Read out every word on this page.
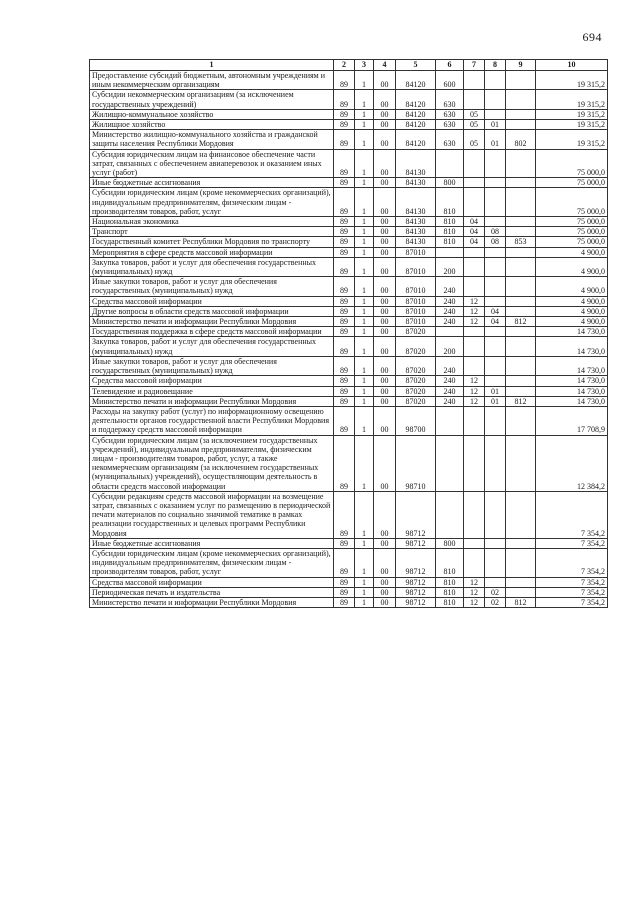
694
1	2	3	4	5	6	7	8	9	10
Предоставление субсидий бюджетным, автономным учреждениям и иным некоммерческим организациям	89	1	00	84120	600				19 315,2
Субсидии некоммерческим организациям (за исключением государственных учреждений)	89	1	00	84120	630				19 315,2
Жилищно-коммунальное хозяйство	89	1	00	84120	630	05			19 315,2
Жилищное хозяйство	89	1	00	84120	630	05	01		19 315,2
Министерство жилищно-коммунального хозяйства и гражданской защиты населения Республики Мордовия	89	1	00	84120	630	05	01	802	19 315,2
Субсидия юридическим лицам на финансовое обеспечение части затрат, связанных с обеспечением авиаперевозок и оказанием иных услуг (работ)	89	1	00	84130					75 000,0
Иные бюджетные ассигнования	89	1	00	84130	800				75 000,0
Субсидии юридическим лицам (кроме некоммерческих организаций), индивидуальным предпринимателям, физическим лицам - производителям товаров, работ, услуг	89	1	00	84130	810				75 000,0
Национальная экономика	89	1	00	84130	810	04			75 000,0
Транспорт	89	1	00	84130	810	04	08		75 000,0
Государственный комитет Республики Мордовия по транспорту	89	1	00	84130	810	04	08	853	75 000,0
Мероприятия в сфере средств массовой информации	89	1	00	87010					4 900,0
Закупка товаров, работ и услуг для обеспечения государственных (муниципальных) нужд	89	1	00	87010	200				4 900,0
Иные закупки товаров, работ и услуг для обеспечения государственных (муниципальных) нужд	89	1	00	87010	240				4 900,0
Средства массовой информации	89	1	00	87010	240	12			4 900,0
Другие вопросы в области средств массовой информации	89	1	00	87010	240	12	04		4 900,0
Министерство печати и информации Республики Мордовия	89	1	00	87010	240	12	04	812	4 900,0
Государственная поддержка в сфере средств массовой информации	89	1	00	87020					14 730,0
Закупка товаров, работ и услуг для обеспечения государственных (муниципальных) нужд	89	1	00	87020	200				14 730,0
Иные закупки товаров, работ и услуг для обеспечения государственных (муниципальных) нужд	89	1	00	87020	240				14 730,0
Средства массовой информации	89	1	00	87020	240	12			14 730,0
Телевидение и радиовещание	89	1	00	87020	240	12	01		14 730,0
Министерство печати и информации Республики Мордовия	89	1	00	87020	240	12	01	812	14 730,0
Расходы на закупку работ (услуг) по информационному освещению деятельности органов государственной власти Республики Мордовия и поддержку средств массовой информации	89	1	00	98700					17 708,9
Субсидии юридическим лицам (за исключением государственных учреждений), индивидуальным предпринимателям, физическим лицам - производителям товаров, работ, услуг, а также некоммерческим организациям (за исключением государственных (муниципальных) учреждений), осуществляющим деятельность в области средств массовой информации	89	1	00	98710					12 384,2
Субсидии редакциям средств массовой информации на возмещение затрат, связанных с оказанием услуг по размещению в периодической печати материалов по социально значимой тематике в рамках реализации государственных и целевых программ Республики Мордовия	89	1	00	98712					7 354,2
Иные бюджетные ассигнования	89	1	00	98712	800				7 354,2
Субсидии юридическим лицам (кроме некоммерческих организаций), индивидуальным предпринимателям, физическим лицам - производителям товаров, работ, услуг	89	1	00	98712	810				7 354,2
Средства массовой информации	89	1	00	98712	810	12			7 354,2
Периодическая печать и издательства	89	1	00	98712	810	12	02		7 354,2
Министерство печати и информации Республики Мордовия	89	1	00	98712	810	12	02	812	7 354,2
